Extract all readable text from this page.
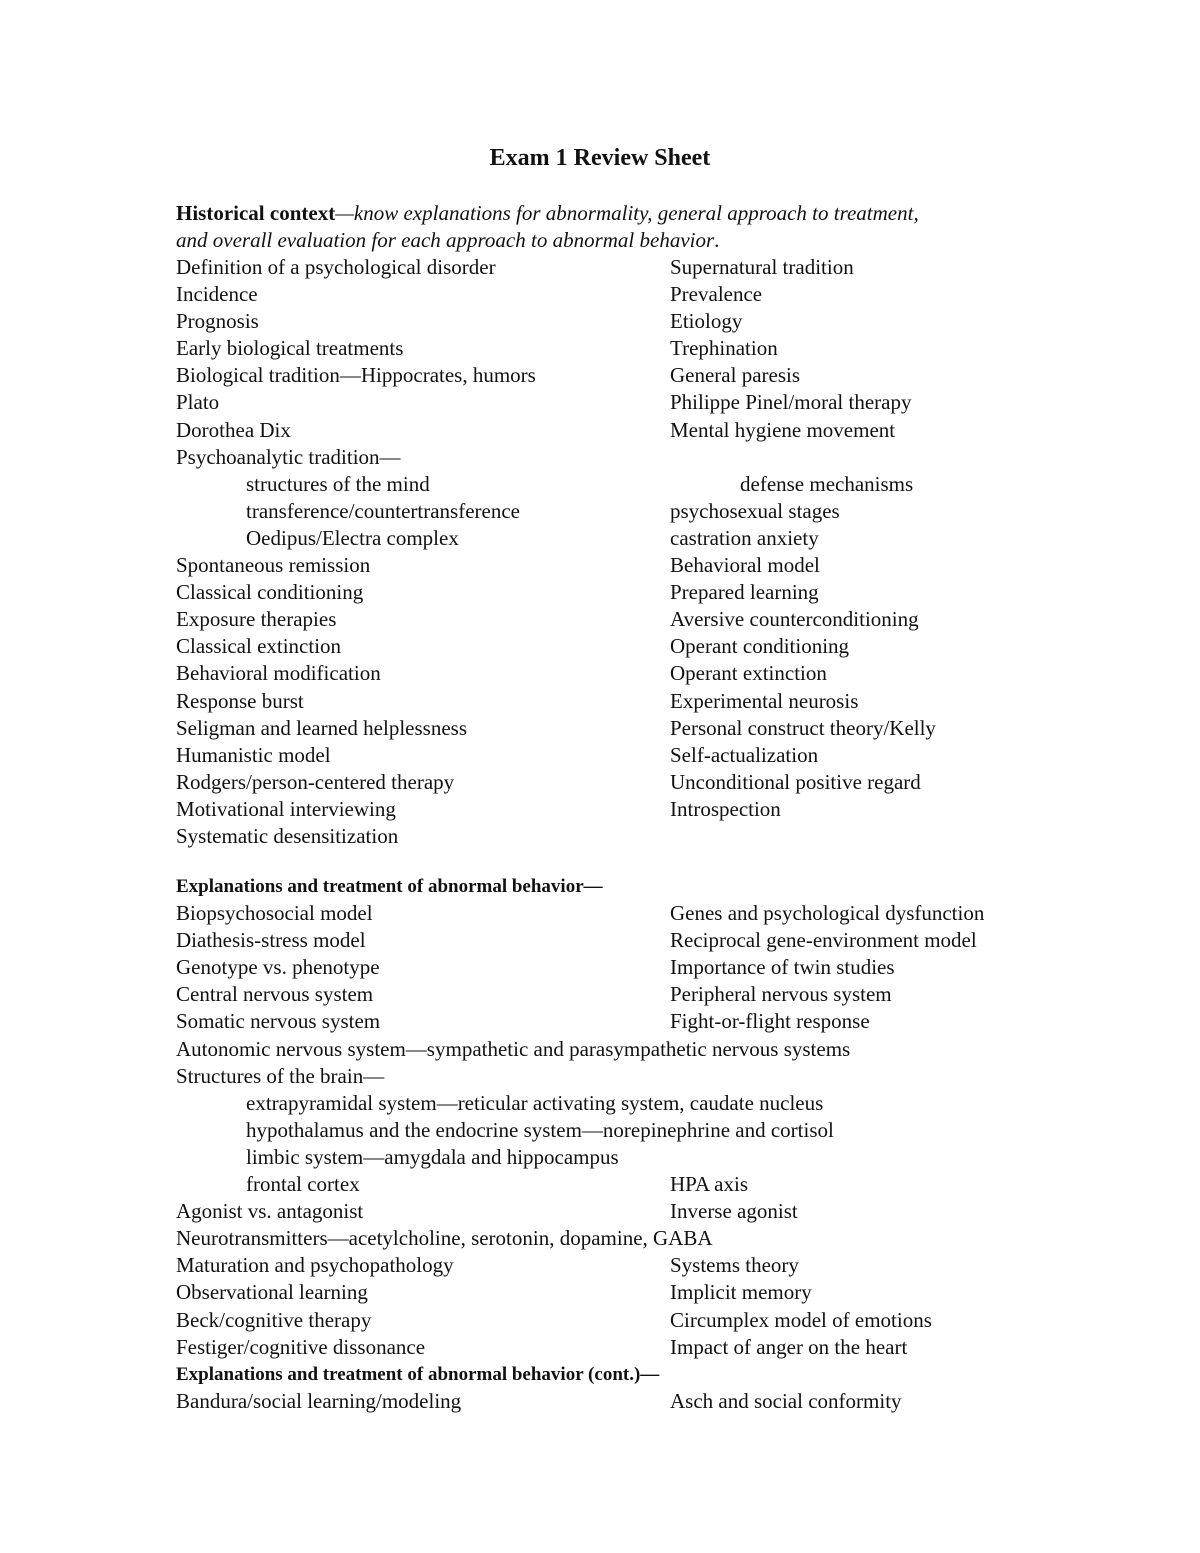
Exam 1 Review Sheet
Historical context—know explanations for abnormality, general approach to treatment,
and overall evaluation for each approach to abnormal behavior.
Definition of a psychological disorder	Supernatural tradition
Incidence	Prevalence
Prognosis	Etiology
Early biological treatments	Trephination
Biological tradition—Hippocrates, humors	General paresis
Plato	Philippe Pinel/moral therapy
Dorothea Dix	Mental hygiene movement
Psychoanalytic tradition—
structures of the mind	defense mechanisms
transference/countertransference	psychosexual stages
Oedipus/Electra complex	castration anxiety
Spontaneous remission	Behavioral model
Classical conditioning	Prepared learning
Exposure therapies	Aversive counterconditioning
Classical extinction	Operant conditioning
Behavioral modification	Operant extinction
Response burst	Experimental neurosis
Seligman and learned helplessness	Personal construct theory/Kelly
Humanistic model	Self-actualization
Rodgers/person-centered therapy	Unconditional positive regard
Motivational interviewing	Introspection
Systematic desensitization
Explanations and treatment of abnormal behavior—
Biopsychosocial model	Genes and psychological dysfunction
Diathesis-stress model	Reciprocal gene-environment model
Genotype vs. phenotype	Importance of twin studies
Central nervous system	Peripheral nervous system
Somatic nervous system	Fight-or-flight response
Autonomic nervous system—sympathetic and parasympathetic nervous systems
Structures of the brain—
extrapyramidal system—reticular activating system, caudate nucleus
hypothalamus and the endocrine system—norepinephrine and cortisol
limbic system—amygdala and hippocampus
frontal cortex	HPA axis
Agonist vs. antagonist	Inverse agonist
Neurotransmitters—acetylcholine, serotonin, dopamine, GABA
Maturation and psychopathology	Systems theory
Observational learning	Implicit memory
Beck/cognitive therapy	Circumplex model of emotions
Festiger/cognitive dissonance	Impact of anger on the heart
Explanations and treatment of abnormal behavior (cont.)—
Bandura/social learning/modeling	Asch and social conformity
